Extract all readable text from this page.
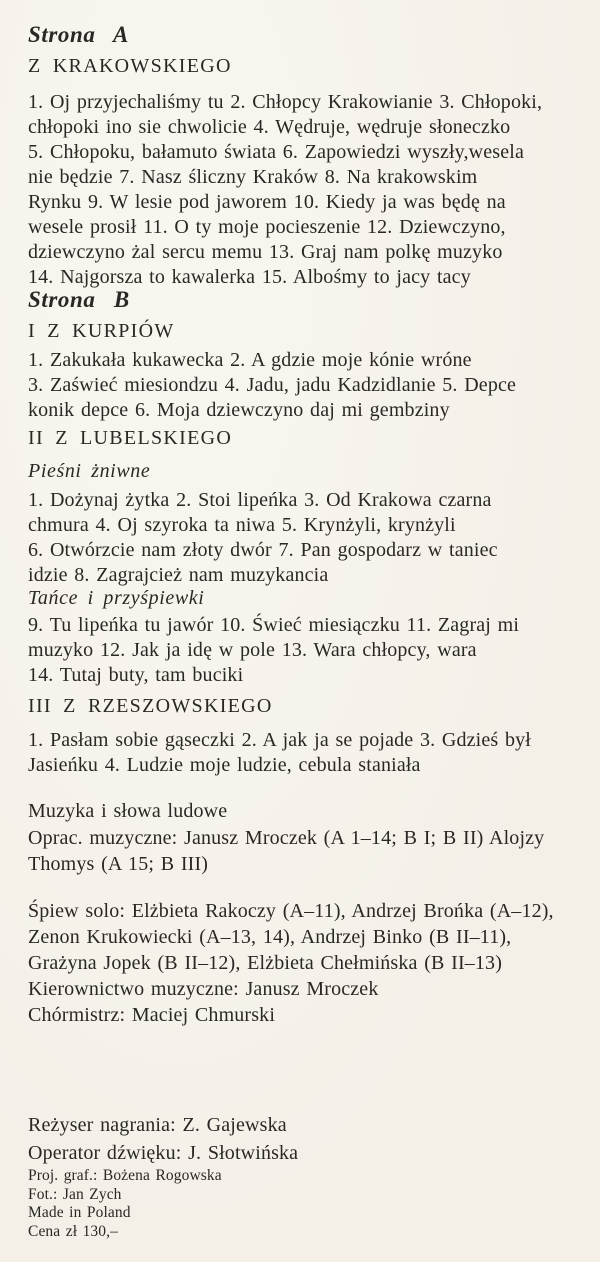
Strona A
Z KRAKOWSKIEGO
1. Oj przyjechaliśmy tu 2. Chłopcy Krakowianie 3. Chłopoki,
chłopoki ino sie chwolicie 4. Wędruje, wędruje słoneczko
5. Chłopoku, bałamuto świata 6. Zapowiedzi wyszły,wesela
nie będzie 7. Nasz śliczny Kraków 8. Na krakowskim
Rynku 9. W lesie pod jaworem 10. Kiedy ja was będę na
wesele prosił 11. O ty moje pocieszenie 12. Dziewczyno,
dziewczyno żal sercu memu 13. Graj nam polkę muzyko
14. Najgorsza to kawalerka 15. Albośmy to jacy tacy
Strona B
I Z KURPIÓW
1. Zakukała kukawecka 2. A gdzie moje kónie wróne
3. Zaświeć miesiondzu 4. Jadu, jadu Kadzidlanie 5. Depce
konik depce 6. Moja dziewczyno daj mi gembziny
II Z LUBELSKIEGO
Pieśni żniwne
1. Dożynaj żytka 2. Stoi lipeńka 3. Od Krakowa czarna
chmura 4. Oj szyroka ta niwa 5. Krynżyli, krynżyli
6. Otwórzcie nam złoty dwór 7. Pan gospodarz w taniec
idzie 8. Zagrajcież nam muzykancia
Tańce i przyśpiewki
9. Tu lipeńka tu jawór 10. Świeć miesiączku 11. Zagraj mi
muzyko 12. Jak ja idę w pole 13. Wara chłopcy, wara
14. Tutaj buty, tam buciki
III Z RZESZOWSKIEGO
1. Pasłam sobie gąseczki 2. A jak ja se pojade 3. Gdzieś był
Jasieńku 4. Ludzie moje ludzie, cebula staniała
Muzyka i słowa ludowe
Oprac. muzyczne: Janusz Mroczek (A 1–14; B I; B II) Alojzy
Thomys (A 15; B III)
Śpiew solo: Elżbieta Rakoczy (A–11), Andrzej Brońka (A–12),
Zenon Krukowiecki (A–13, 14), Andrzej Binko (B II–11),
Grażyna Jopek (B II–12), Elżbieta Chełmińska (B II–13)
Kierownictwo muzyczne: Janusz Mroczek
Chórmistrz: Maciej Chmurski
Reżyser nagrania: Z. Gajewska
Operator dźwięku: J. Słotwińska
Proj. graf.: Bożena Rogowska
Fot.: Jan Zych
Made in Poland
Cena zł 130,–
